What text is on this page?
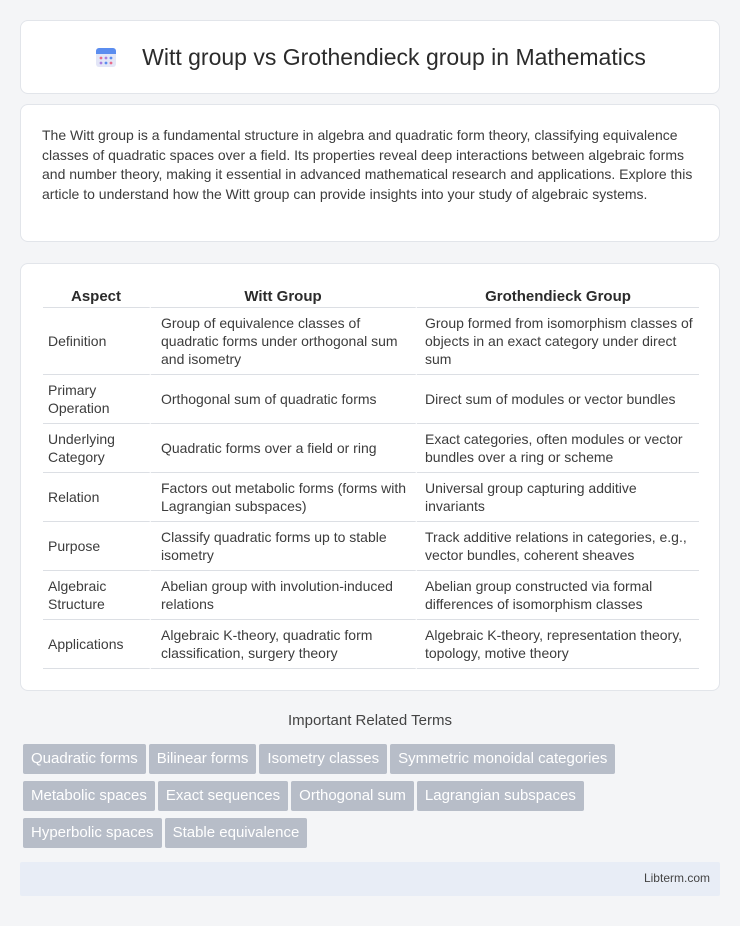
Witt group vs Grothendieck group in Mathematics

The Witt group is a fundamental structure in algebra and quadratic form theory, classifying equivalence classes of quadratic spaces over a field. Its properties reveal deep interactions between algebraic forms and number theory, making it essential in advanced mathematical research and applications. Explore this article to understand how the Witt group can provide insights into your study of algebraic systems.

Aspect	Witt Group	Grothendieck Group
Definition	Group of equivalence classes of quadratic forms under orthogonal sum and isometry	Group formed from isomorphism classes of objects in an exact category under direct sum
Primary Operation	Orthogonal sum of quadratic forms	Direct sum of modules or vector bundles
Underlying Category	Quadratic forms over a field or ring	Exact categories, often modules or vector bundles over a ring or scheme
Relation	Factors out metabolic forms (forms with Lagrangian subspaces)	Universal group capturing additive invariants
Purpose	Classify quadratic forms up to stable isometry	Track additive relations in categories, e.g., vector bundles, coherent sheaves
Algebraic Structure	Abelian group with involution-induced relations	Abelian group constructed via formal differences of isomorphism classes
Applications	Algebraic K-theory, quadratic form classification, surgery theory	Algebraic K-theory, representation theory, topology, motive theory
Important Related Terms
Quadratic forms Bilinear forms Isometry classes Symmetric monoidal categoriesMetabolic spaces Exact sequences Orthogonal sum Lagrangian subspacesHyperbolic spaces Stable equivalence
Libterm.com
